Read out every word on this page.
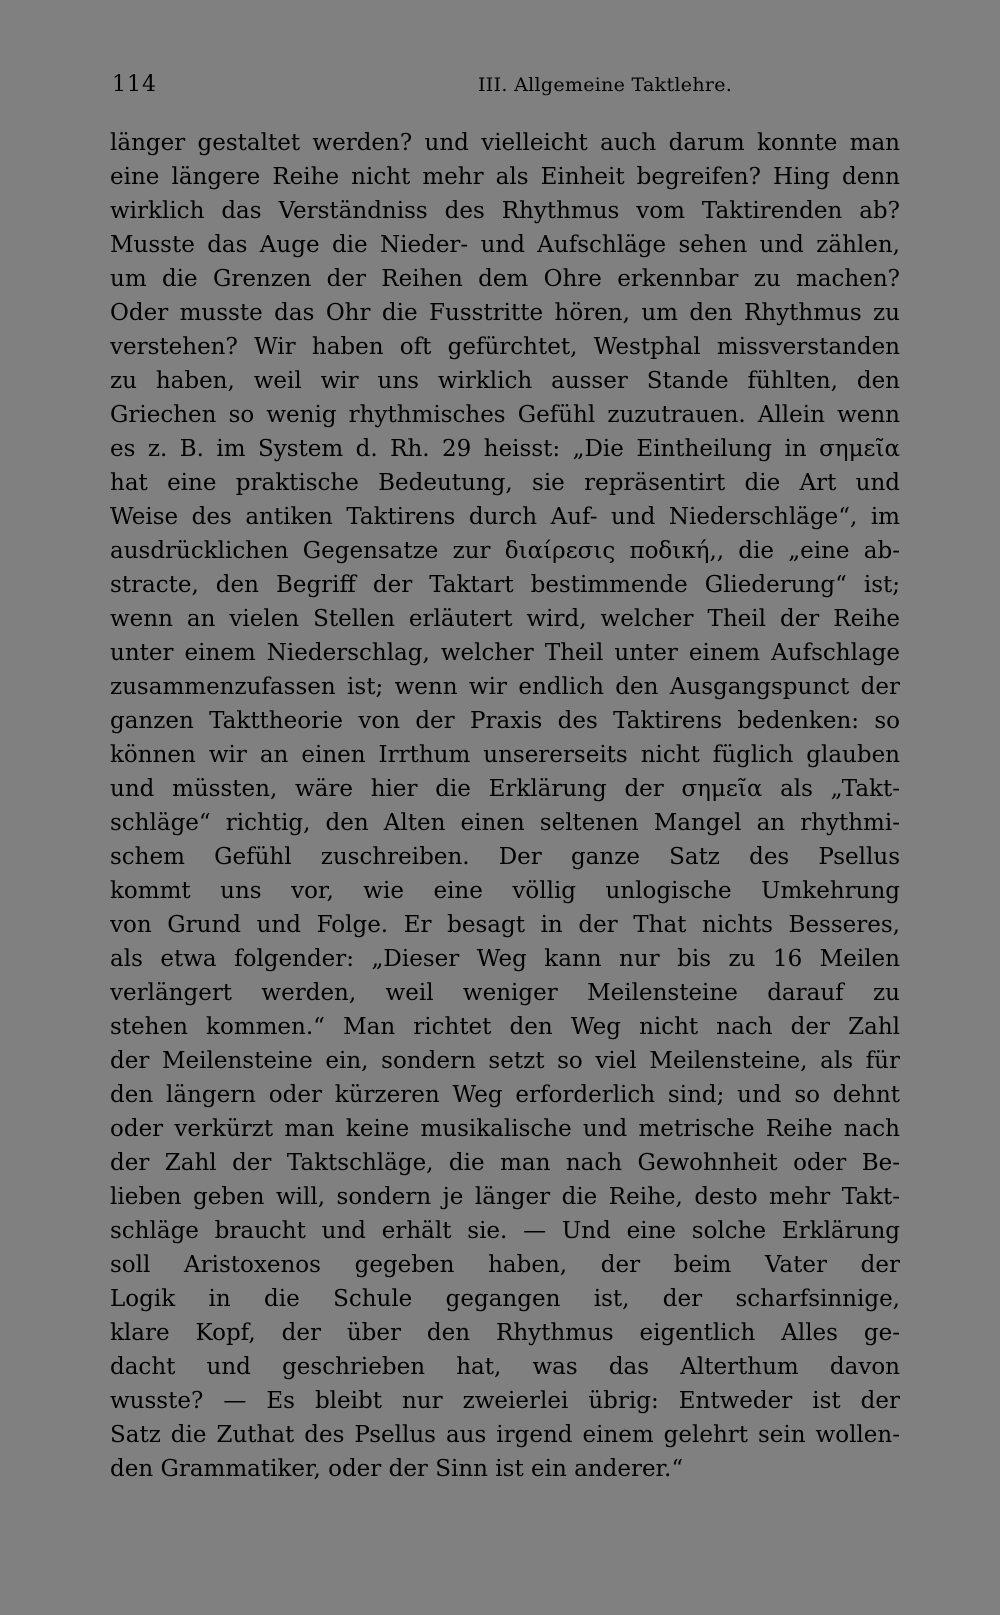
114	III. Allgemeine Taktlehre.
länger gestaltet werden? und vielleicht auch darum konnte man
eine längere Reihe nicht mehr als Einheit begreifen? Hing denn
wirklich das Verständniss des Rhythmus vom Taktirenden ab?
Musste das Auge die Nieder- und Aufschläge sehen und zählen,
um die Grenzen der Reihen dem Ohre erkennbar zu machen?
Oder musste das Ohr die Fusstritte hören, um den Rhythmus zu
verstehen? Wir haben oft gefürchtet, Westphal missverstanden
zu haben, weil wir uns wirklich ausser Stande fühlten, den
Griechen so wenig rhythmisches Gefühl zuzutrauen. Allein wenn
es z. B. im System d. Rh. 29 heisst: „Die Eintheilung in σημεῖα
hat eine praktische Bedeutung, sie repräsentirt die Art und
Weise des antiken Taktirens durch Auf- und Niederschläge“, im
ausdrücklichen Gegensatze zur διαίρεσις ποδική,, die „eine ab-
stracte, den Begriff der Taktart bestimmende Gliederung“ ist;
wenn an vielen Stellen erläutert wird, welcher Theil der Reihe
unter einem Niederschlag, welcher Theil unter einem Aufschlage
zusammenzufassen ist; wenn wir endlich den Ausgangspunct der
ganzen Takttheorie von der Praxis des Taktirens bedenken: so
können wir an einen Irrthum unsererseits nicht füglich glauben
und müssten, wäre hier die Erklärung der σημεῖα als „Takt-
schläge“ richtig, den Alten einen seltenen Mangel an rhythmi-
schem Gefühl zuschreiben. Der ganze Satz des Psellus
kommt uns vor, wie eine völlig unlogische Umkehrung
von Grund und Folge. Er besagt in der That nichts Besseres,
als etwa folgender: „Dieser Weg kann nur bis zu 16 Meilen
verlängert werden, weil weniger Meilensteine darauf zu
stehen kommen.“ Man richtet den Weg nicht nach der Zahl
der Meilensteine ein, sondern setzt so viel Meilensteine, als für
den längern oder kürzeren Weg erforderlich sind; und so dehnt
oder verkürzt man keine musikalische und metrische Reihe nach
der Zahl der Taktschläge, die man nach Gewohnheit oder Be-
lieben geben will, sondern je länger die Reihe, desto mehr Takt-
schläge braucht und erhält sie. — Und eine solche Erklärung
soll Aristoxenos gegeben haben, der beim Vater der
Logik in die Schule gegangen ist, der scharfsinnige,
klare Kopf, der über den Rhythmus eigentlich Alles ge-
dacht und geschrieben hat, was das Alterthum davon
wusste? — Es bleibt nur zweierlei übrig: Entweder ist der
Satz die Zuthat des Psellus aus irgend einem gelehrt sein wollen-
den Grammatiker, oder der Sinn ist ein anderer.“
